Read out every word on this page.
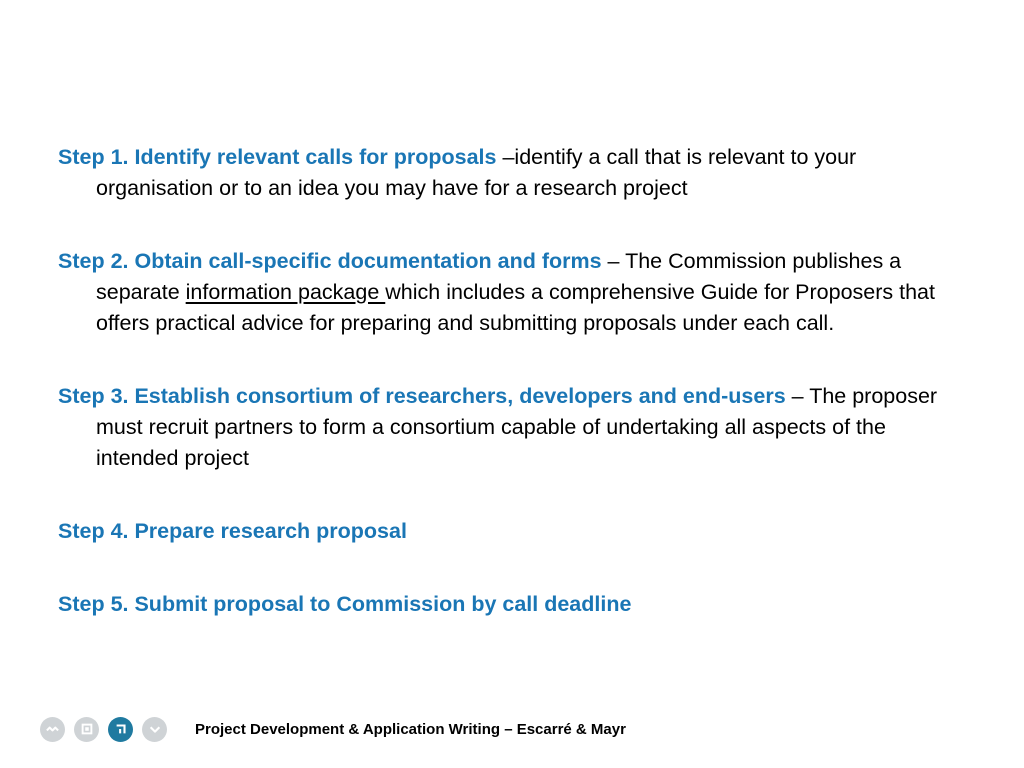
Step 1. Identify relevant calls for proposals –identify a call that is relevant to your organisation or to an idea you may have for a research project
Step 2. Obtain call-specific documentation and forms – The Commission publishes a separate information package which includes a comprehensive Guide for Proposers that offers practical advice for preparing and submitting proposals under each call.
Step 3. Establish consortium of researchers, developers and end-users – The proposer must recruit partners to form a consortium capable of undertaking all aspects of the intended project
Step 4. Prepare research proposal
Step 5. Submit proposal to Commission by call deadline
Project Development & Application Writing – Escarré & Mayr
